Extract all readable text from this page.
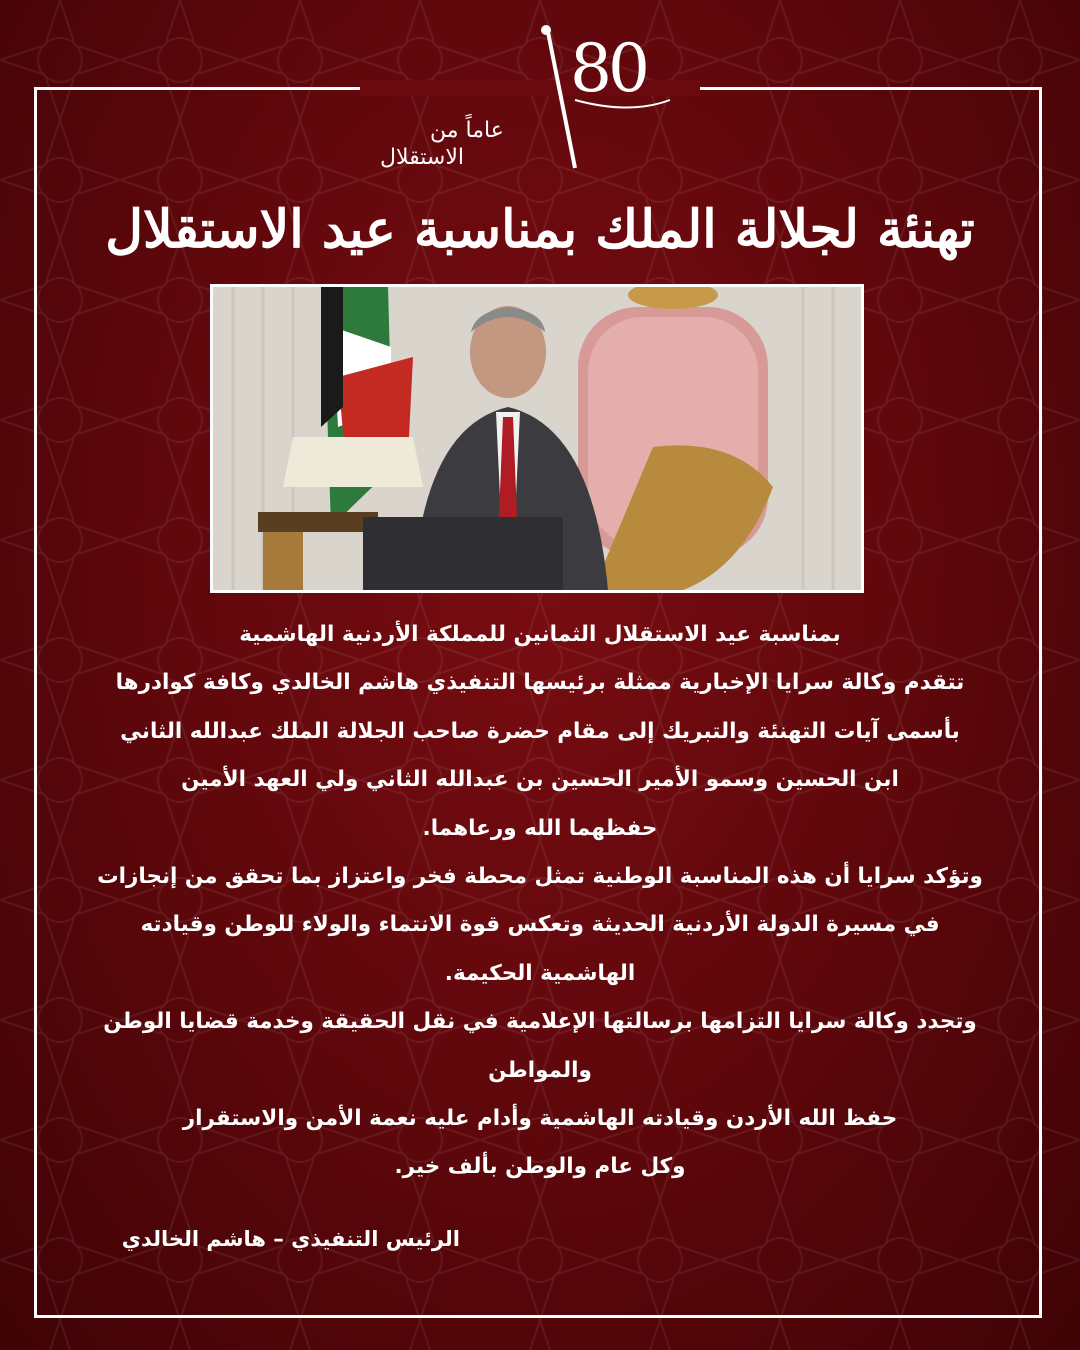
80
عاماً من
الاستقلال
تهنئة لجلالة الملك بمناسبة عيد الاستقلال
بمناسبة عيد الاستقلال الثمانين للمملكة الأردنية الهاشمية
تتقدم وكالة سرايا الإخبارية ممثلة برئيسها التنفيذي هاشم الخالدي وكافة كوادرها
بأسمى آيات التهنئة والتبريك إلى مقام حضرة صاحب الجلالة الملك عبدالله الثاني
ابن الحسين وسمو الأمير الحسين بن عبدالله الثاني ولي العهد الأمين
حفظهما الله ورعاهما.
وتؤكد سرايا أن هذه المناسبة الوطنية تمثل محطة فخر واعتزاز بما تحقق من إنجازات
في مسيرة الدولة الأردنية الحديثة وتعكس قوة الانتماء والولاء للوطن وقيادته
الهاشمية الحكيمة.
وتجدد وكالة سرايا التزامها برسالتها الإعلامية في نقل الحقيقة وخدمة قضايا الوطن
والمواطن
حفظ الله الأردن وقيادته الهاشمية وأدام عليه نعمة الأمن والاستقرار
وكل عام والوطن بألف خير.
الرئيس التنفيذي – هاشم الخالدي
